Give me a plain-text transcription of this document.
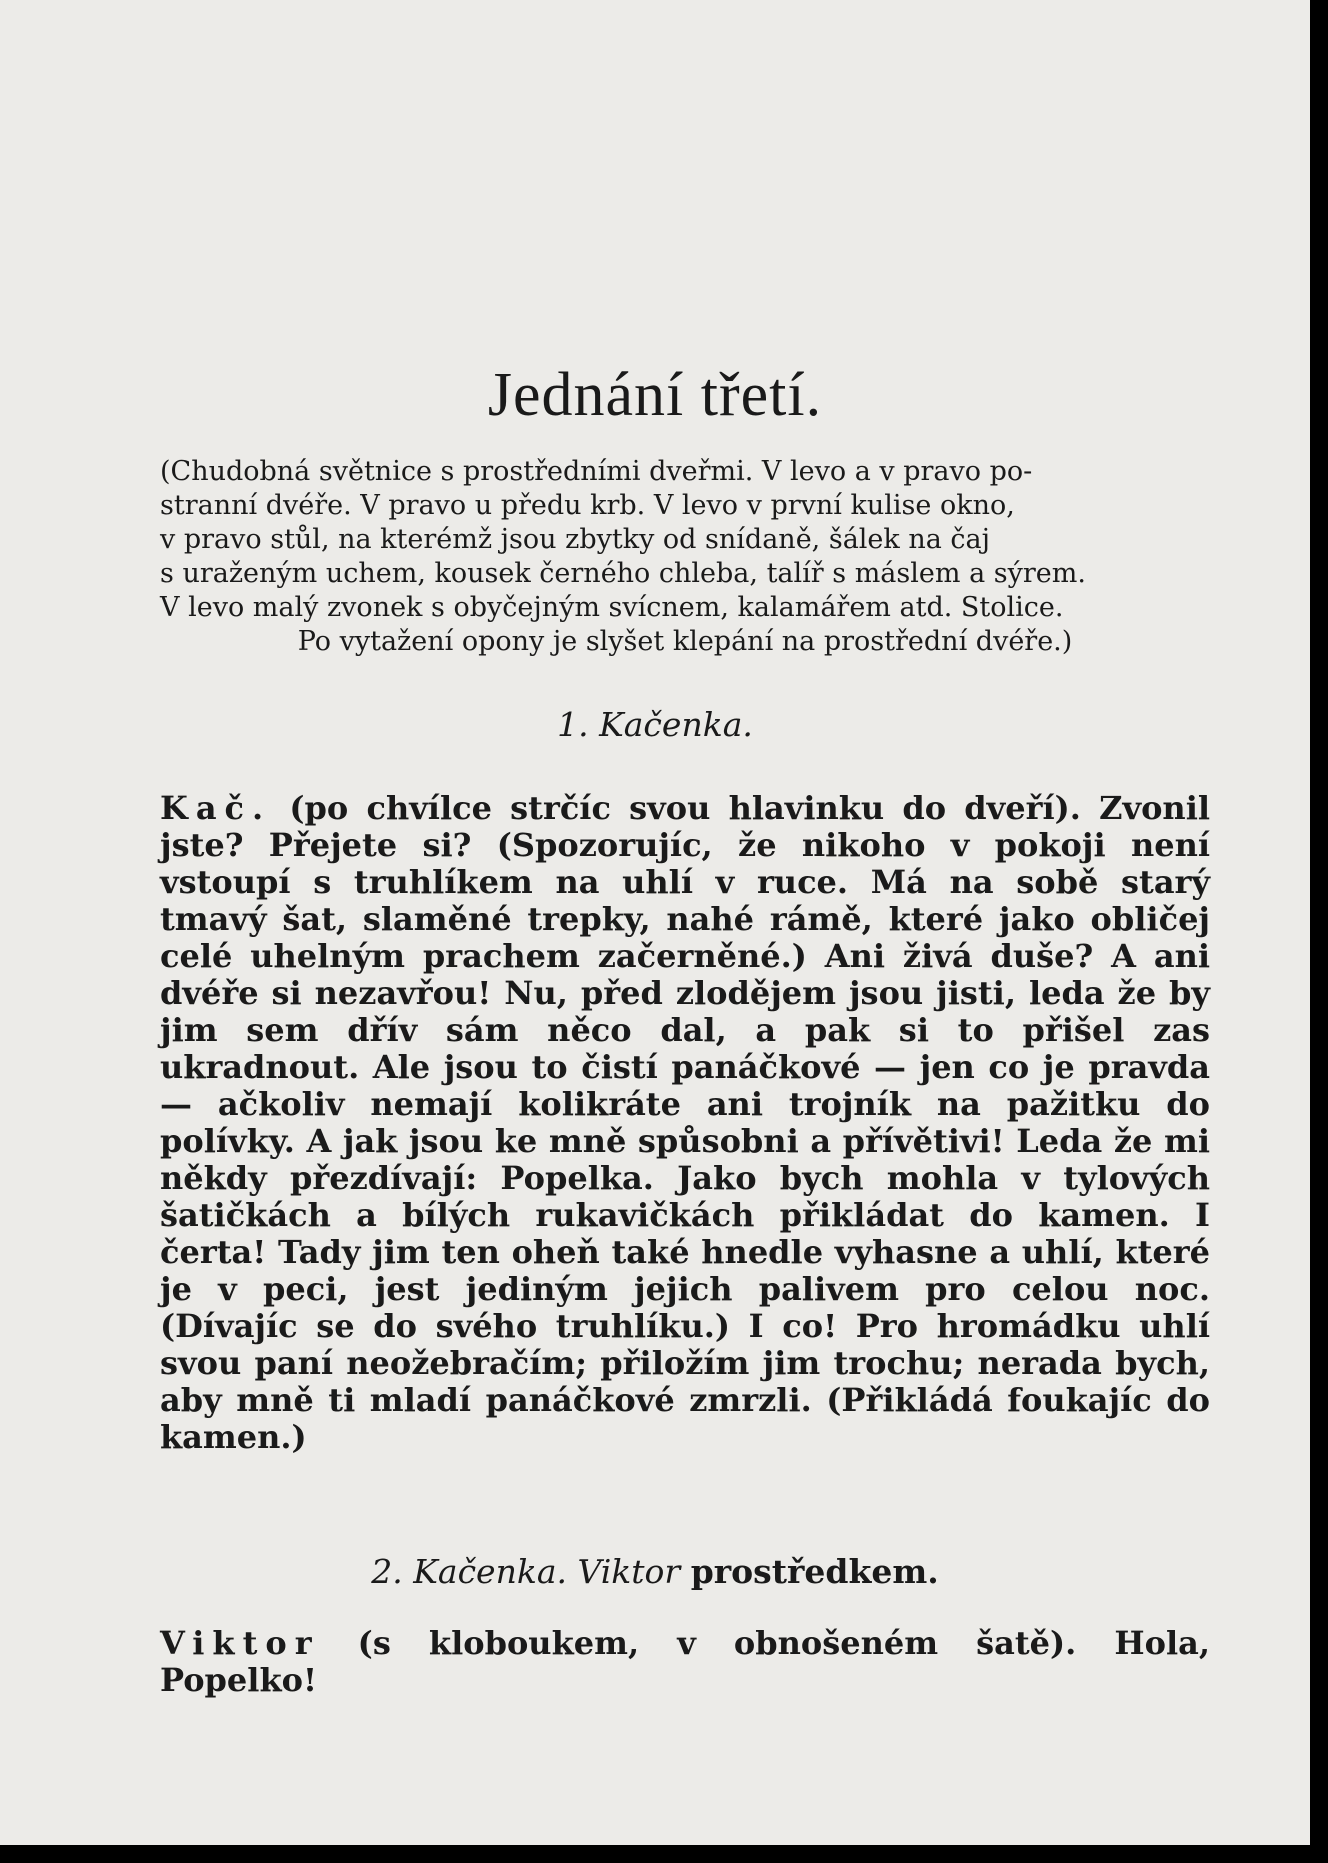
Jednání třetí.
(Chudobná světnice s prostředními dveřmi. V levo a v pravo po-
stranní dvéře. V pravo u předu krb. V levo v první kulise okno,
v pravo stůl, na kterémž jsou zbytky od snídaně, šálek na čaj
s uraženým uchem, kousek černého chleba, talíř s máslem a sýrem.
V levo malý zvonek s obyčejným svícnem, kalamářem atd. Stolice.
Po vytažení opony je slyšet klepání na prostřední dvéře.)
1. Kačenka.
Kač. (po chvílce strčíc svou hlavinku do dveří). Zvonil jste? Přejete si? (Spozorujíc, že nikoho v pokoji není vstoupí s truhlíkem na uhlí v ruce. Má na sobě starý tmavý šat, slaměné trepky, nahé rámě, které jako obličej celé uhelným prachem začerněné.) Ani živá duše? A ani dvéře si nezavřou! Nu, před zlodějem jsou jisti, leda že by jim sem dřív sám něco dal, a pak si to přišel zas ukradnout. Ale jsou to čistí panáčkové — jen co je pravda — ačkoliv nemají kolikráte ani trojník na pažitku do polívky. A jak jsou ke mně spůsobni a přívětivi! Leda že mi někdy přezdívají: Popelka. Jako bych mohla v tylových šatičkách a bílých rukavičkách přikládat do kamen. I čerta! Tady jim ten oheň také hnedle vyhasne a uhlí, které je v peci, jest jediným jejich palivem pro celou noc. (Dívajíc se do svého truhlíku.) I co! Pro hromádku uhlí svou paní neožebračím; přiložím jim trochu; nerada bych, aby mně ti mladí panáčkové zmrzli. (Přikládá foukajíc do kamen.)
2. Kačenka. Viktor prostředkem.
Viktor (s kloboukem, v obnošeném šatě). Hola, Popelko!
